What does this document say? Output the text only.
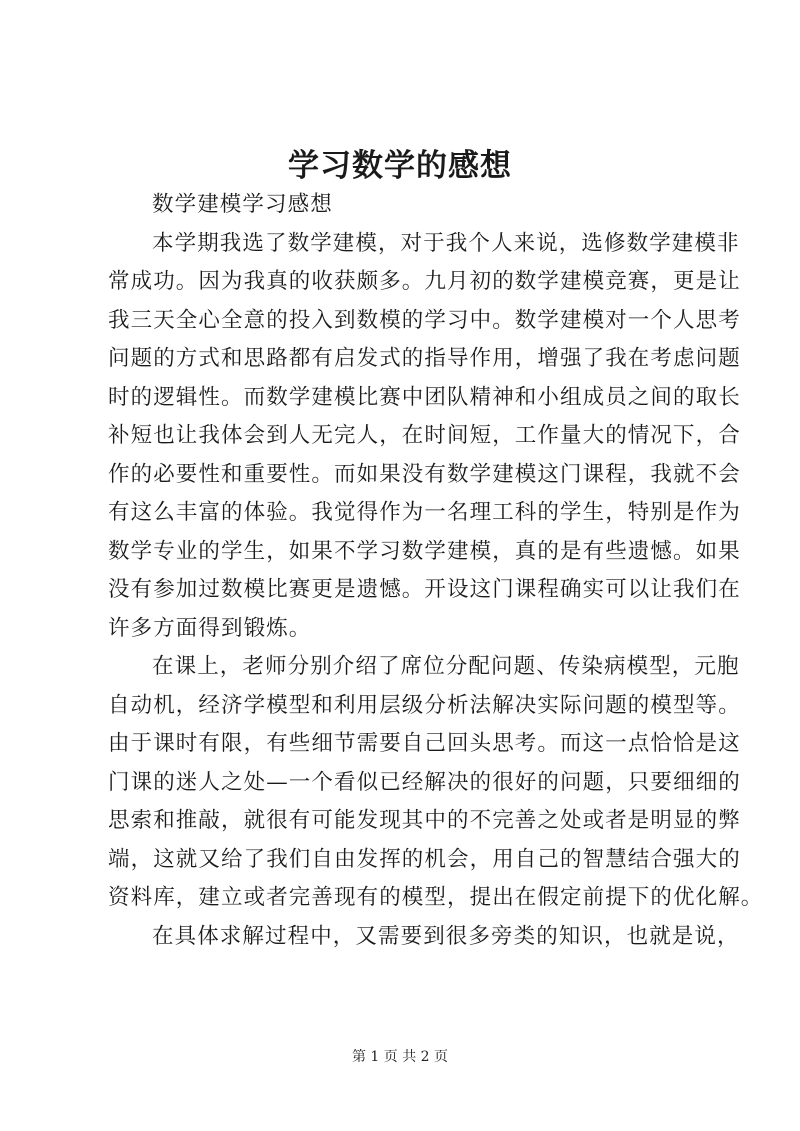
学习数学的感想
数学建模学习感想
本学期我选了数学建模，对于我个人来说，选修数学建模非
常成功。因为我真的收获颇多。九月初的数学建模竞赛，更是让
我三天全心全意的投入到数模的学习中。数学建模对一个人思考
问题的方式和思路都有启发式的指导作用，增强了我在考虑问题
时的逻辑性。而数学建模比赛中团队精神和小组成员之间的取长
补短也让我体会到人无完人，在时间短，工作量大的情况下，合
作的必要性和重要性。而如果没有数学建模这门课程，我就不会
有这么丰富的体验。我觉得作为一名理工科的学生，特别是作为
数学专业的学生，如果不学习数学建模，真的是有些遗憾。如果
没有参加过数模比赛更是遗憾。开设这门课程确实可以让我们在
许多方面得到锻炼。
在课上，老师分别介绍了席位分配问题、传染病模型，元胞
自动机，经济学模型和利用层级分析法解决实际问题的模型等。
由于课时有限，有些细节需要自己回头思考。而这一点恰恰是这
门课的迷人之处—一个看似已经解决的很好的问题，只要细细的
思索和推敲，就很有可能发现其中的不完善之处或者是明显的弊
端，这就又给了我们自由发挥的机会，用自己的智慧结合强大的
资料库，建立或者完善现有的模型，提出在假定前提下的优化解。
在具体求解过程中，又需要到很多旁类的知识，也就是说，
第 1 页 共 2 页
